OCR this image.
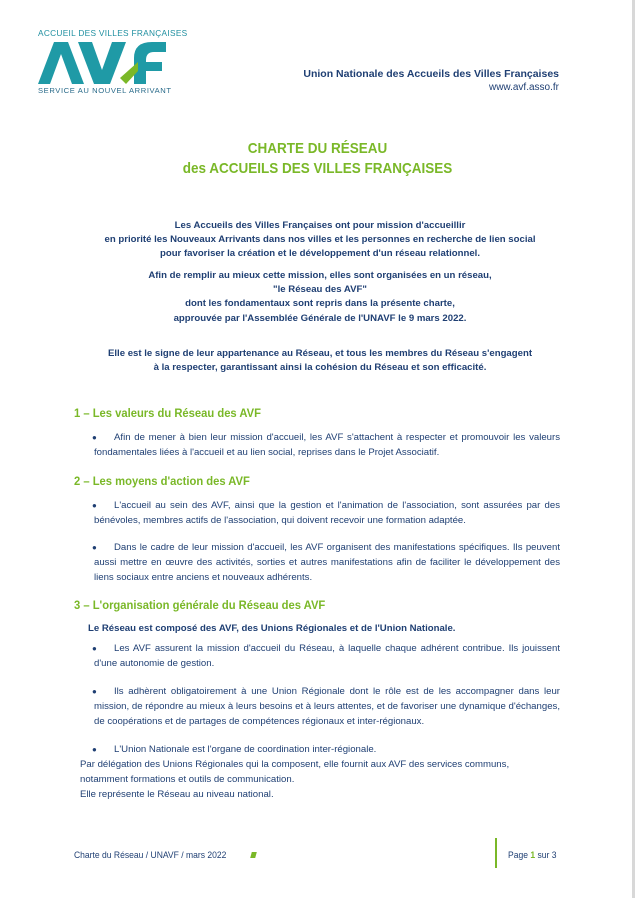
ACCUEIL DES VILLES FRANÇAISES
SERVICE AU NOUVEL ARRIVANT
Union Nationale des Accueils des Villes Françaises
www.avf.asso.fr
CHARTE DU RÉSEAU
des ACCUEILS DES VILLES FRANÇAISES
Les Accueils des Villes Françaises ont pour mission d'accueillir
en priorité les Nouveaux Arrivants dans nos villes et les personnes en recherche de lien social
pour favoriser la création et le développement d'un réseau relationnel.
Afin de remplir au mieux cette mission, elles sont organisées en un réseau,
"le Réseau des AVF"
dont les fondamentaux sont repris dans la présente charte,
approuvée par l'Assemblée Générale de l'UNAVF le 9 mars 2022.
Elle est le signe de leur appartenance au Réseau, et tous les membres du Réseau s'engagent
à la respecter, garantissant ainsi la cohésion du Réseau et son efficacité.
1 – Les valeurs du Réseau des AVF
●	Afin de mener à bien leur mission d'accueil, les AVF s'attachent à respecter et promouvoir les valeurs fondamentales liées à l'accueil et au lien social, reprises dans le Projet Associatif.
2 – Les moyens d'action des AVF
●	L'accueil au sein des AVF, ainsi que la gestion et l'animation de l'association, sont assurées par des bénévoles, membres actifs de l'association, qui doivent recevoir une formation adaptée.
●	Dans le cadre de leur mission d'accueil, les AVF organisent des manifestations spécifiques. Ils peuvent aussi mettre en œuvre des activités, sorties et autres manifestations afin de faciliter le développement des liens sociaux entre anciens et nouveaux adhérents.
3 – L'organisation générale du Réseau des AVF
Le Réseau est composé des AVF, des Unions Régionales et de l'Union Nationale.
●	Les AVF assurent la mission d'accueil du Réseau, à laquelle chaque adhérent contribue. Ils jouissent d'une autonomie de gestion.
●	Ils adhèrent obligatoirement à une Union Régionale dont le rôle est de les accompagner dans leur mission, de répondre au mieux à leurs besoins et à leurs attentes, et de favoriser une dynamique d'échanges, de coopérations et de partages de compétences régionaux et inter-régionaux.
●	L'Union Nationale est l'organe de coordination inter-régionale.
Par délégation des Unions Régionales qui la composent, elle fournit aux AVF des services communs, notamment formations et outils de communication.
Elle représente le Réseau au niveau national.
Charte du Réseau / UNAVF / mars 2022	Page 1 sur 3
